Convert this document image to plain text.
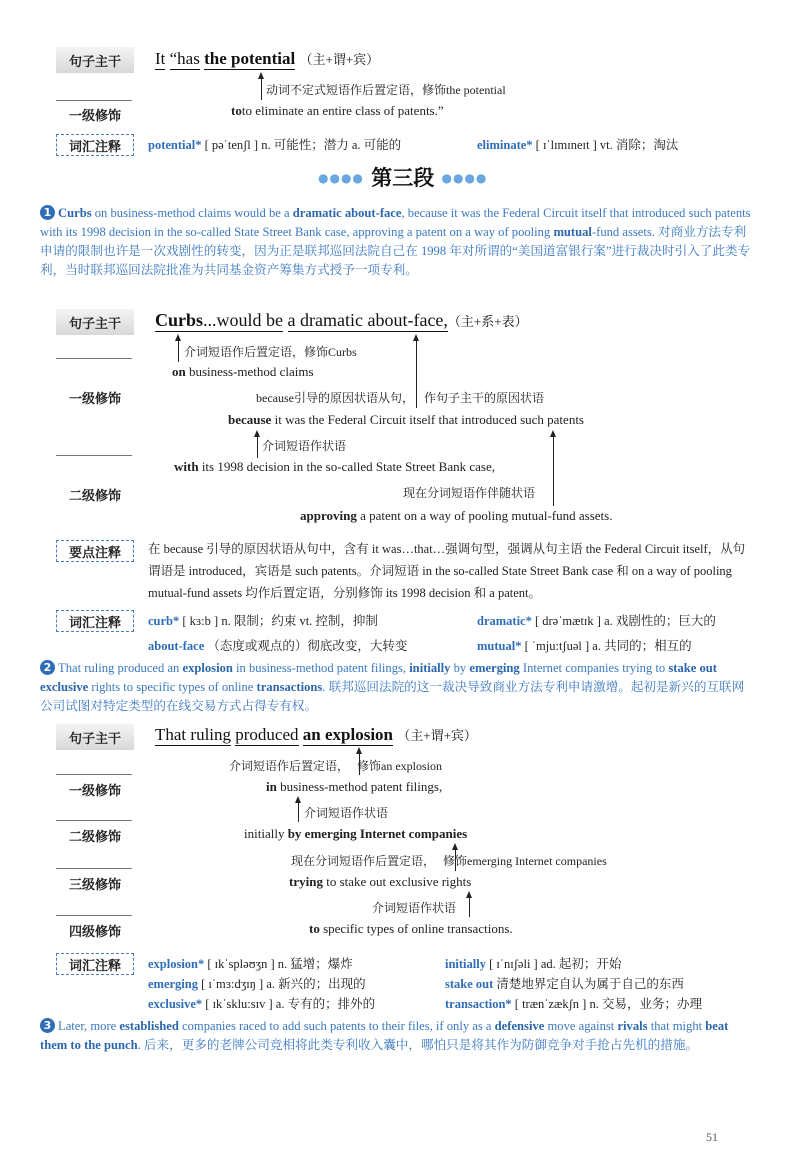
句子主干	It “has the potential （主+谓+宾）
动词不定式短语作后置定语，修饰the potential
一级修饰	toto eliminate an entire class of patents.”
词汇注释	potential* [ pəˈtenʃl ] n. 可能性；潜力 a. 可能的	eliminate* [ ɪˈlɪmɪneɪt ] vt. 消除；淘汰
●●●● 第三段 ●●●●
1 Curbs on business-method claims would be a dramatic about-face, because it was the Federal Circuit itself that introduced such patents with its 1998 decision in the so-called State Street Bank case, approving a patent on a way of pooling mutual-fund assets. 对商业方法专利申请的限制也许是一次戏剧性的转变，因为正是联邦巡回法院自己在 1998 年对所谓的“美国道富银行案”进行裁决时引入了此类专利，当时联邦巡回法院批准为共同基金资产筹集方式授予一项专利。
句子主干	Curbs...would be a dramatic about-face,（主+系+表）
介词短语作后置定语，修饰Curbs
on business-method claims
一级修饰	because引导的原因状语从句， 作句子主干的原因状语
because it was the Federal Circuit itself that introduced such patents
介词短语作状语
with its 1998 decision in the so-called State Street Bank case,
二级修饰	现在分词短语作伴随状语
approving a patent on a way of pooling mutual-fund assets.
要点注释	在 because 引导的原因状语从句中，含有 it was…that…强调句型，强调从句主语 the Federal Circuit itself，从句谓语是 introduced，宾语是 such patents。介词短语 in the so-called State Street Bank case 和 on a way of pooling mutual-fund assets 均作后置定语，分别修饰 its 1998 decision 和 a patent。
词汇注释	curb* [ kɜ:b ] n. 限制；约束 vt. 控制，抑制	dramatic* [ drəˈmætɪk ] a. 戏剧性的；巨大的
about-face （态度或观点的）彻底改变，大转变	mutual* [ ˈmju:tʃuəl ] a. 共同的；相互的
2 That ruling produced an explosion in business-method patent filings, initially by emerging Internet companies trying to stake out exclusive rights to specific types of online transactions. 联邦巡回法院的这一裁决导致商业方法专利申请激增。起初是新兴的互联网公司试图对特定类型的在线交易方式占得专有权。
句子主干	That ruling produced an explosion （主+谓+宾）
介词短语作后置定语， 修饰an explosion
一级修饰	in business-method patent filings,
介词短语作状语
二级修饰	initially by emerging Internet companies
现在分词短语作后置定语， 修饰emerging Internet companies
三级修饰	trying to stake out exclusive rights
介词短语作状语
四级修饰	to specific types of online transactions.
词汇注释	explosion* [ ɪkˈspləʊʒn ] n. 猛增；爆炸	initially [ ɪˈnɪʃəli ] ad. 起初；开始
emerging [ ɪˈmɜ:dʒɪŋ ] a. 新兴的；出现的	stake out 清楚地界定自认为属于自己的东西
exclusive* [ ɪkˈsklu:sɪv ] a. 专有的；排外的	transaction* [ trænˈzækʃn ] n. 交易，业务；办理
3 Later, more established companies raced to add such patents to their files, if only as a defensive move against rivals that might beat them to the punch. 后来，更多的老牌公司竞相将此类专利收入囊中，哪怕只是将其作为防御竞争对手抢占先机的措施。
51
